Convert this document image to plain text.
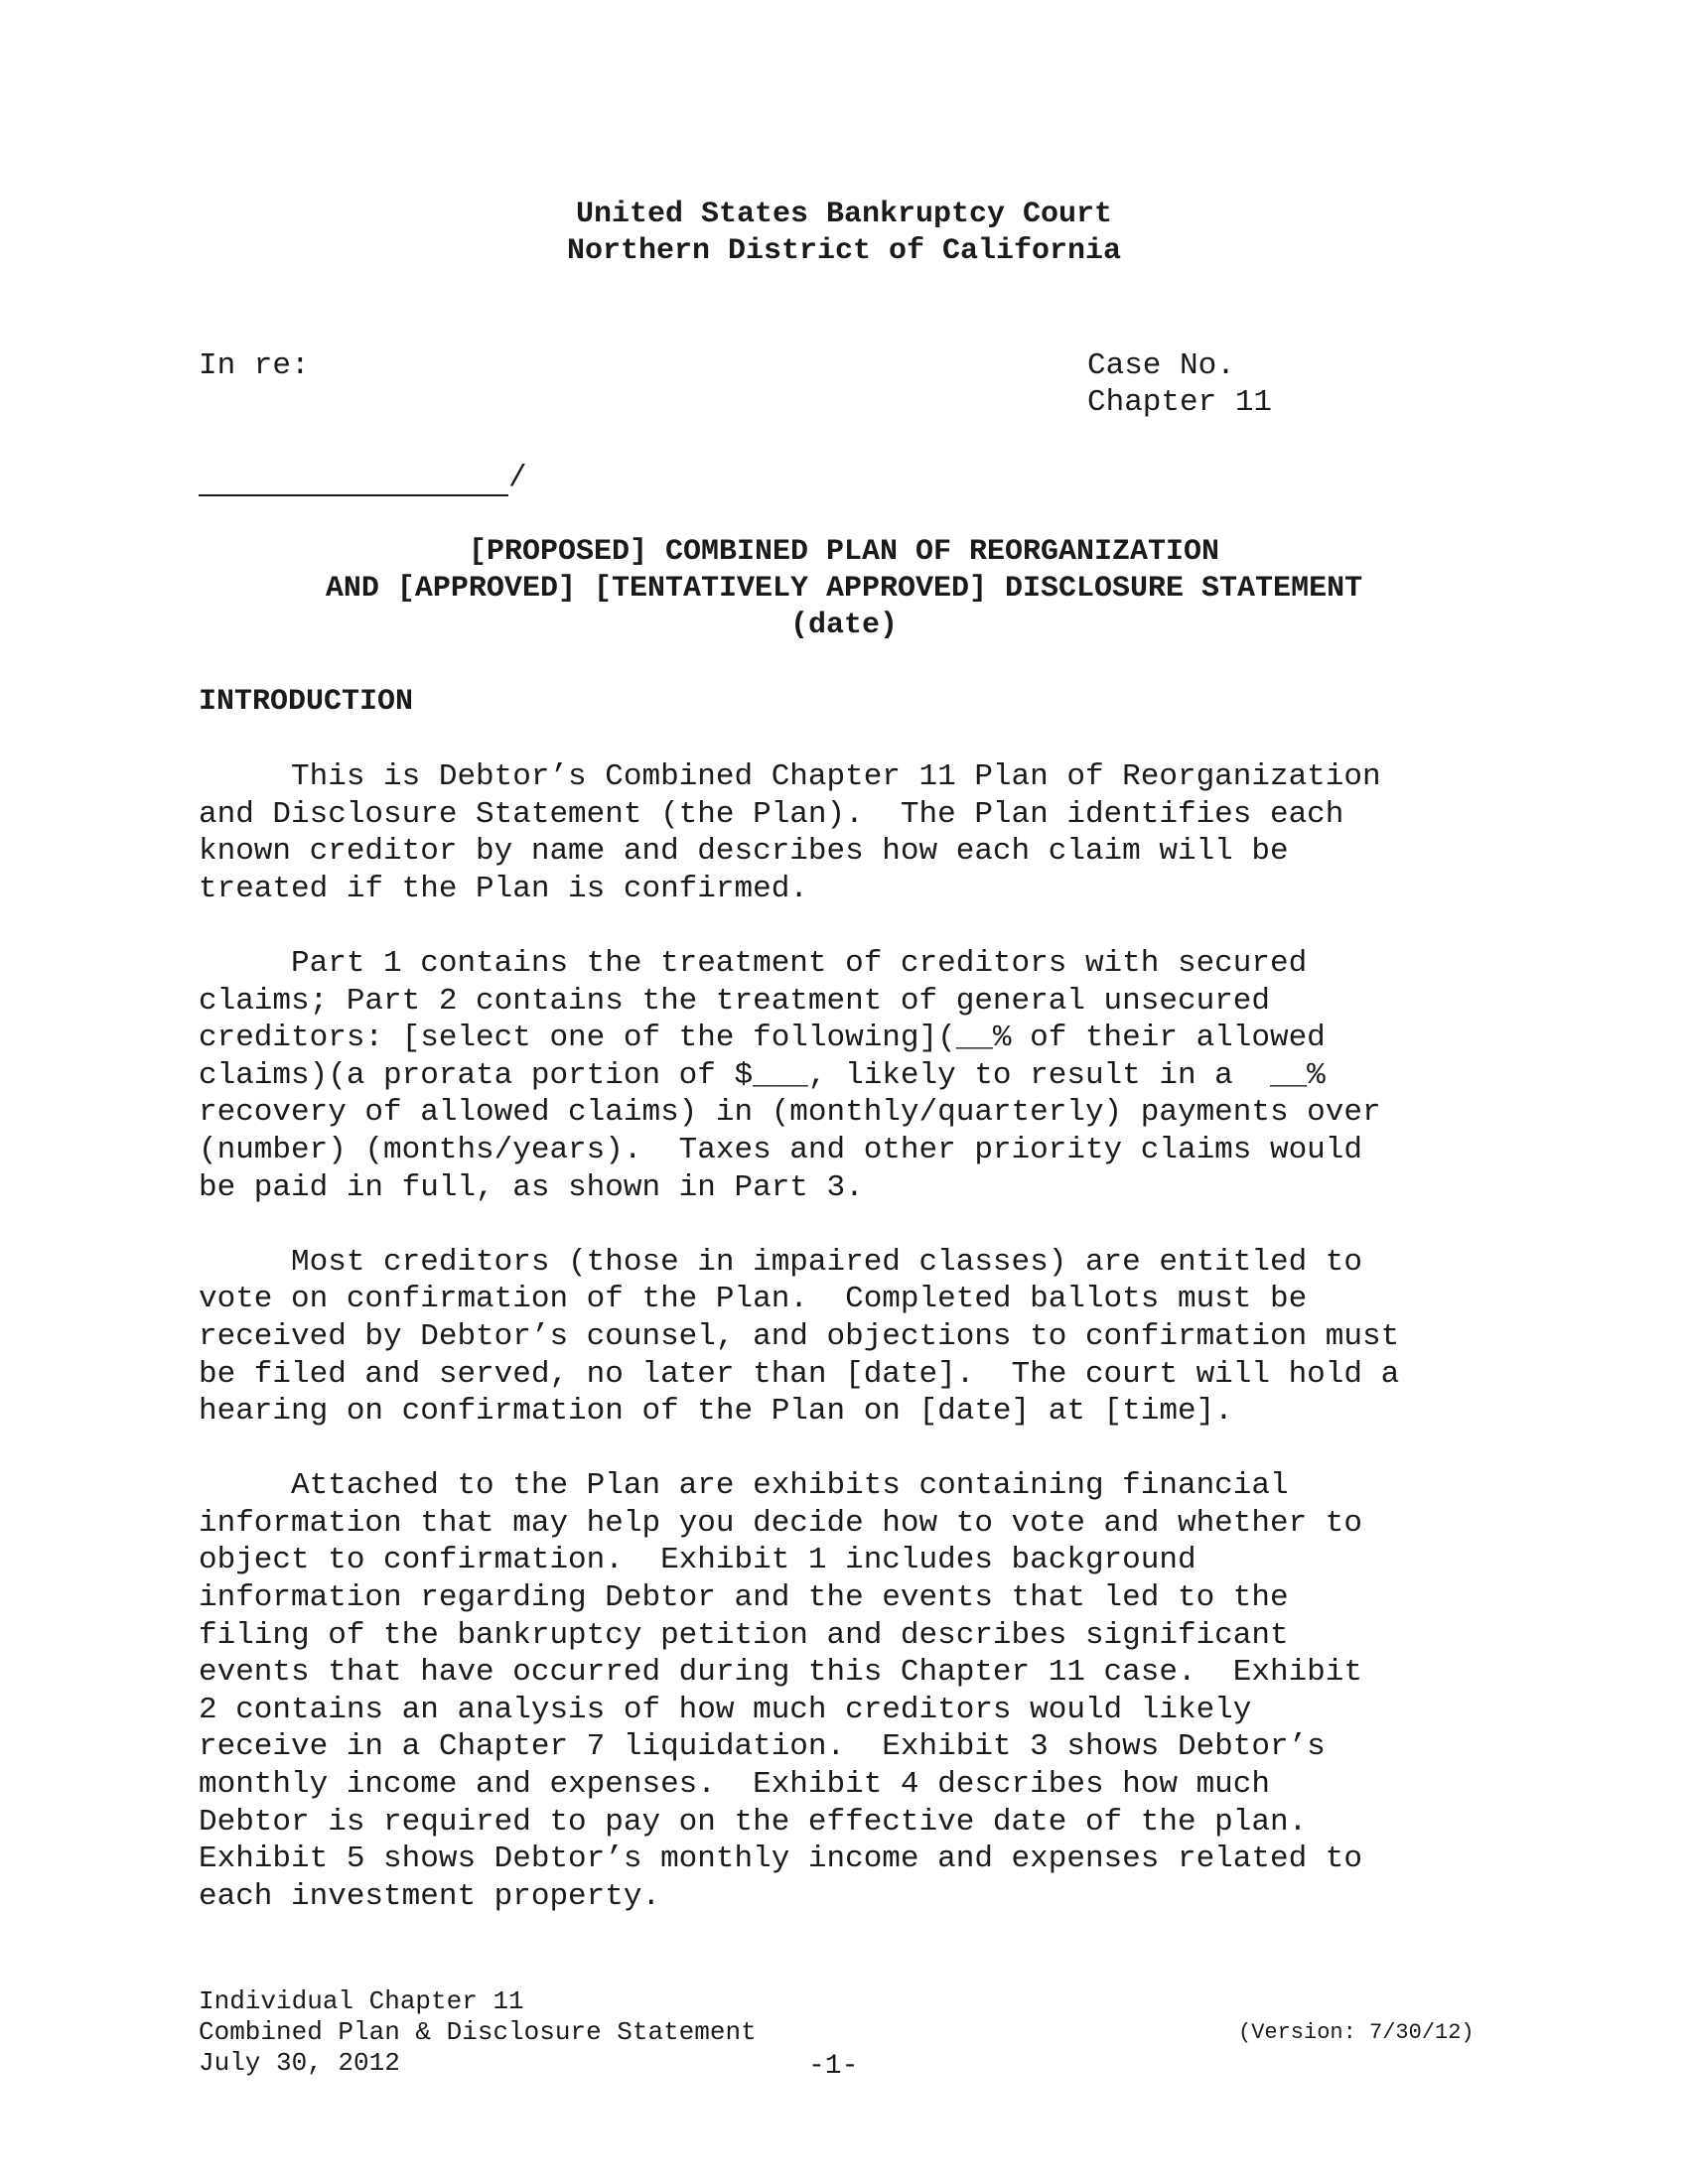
United States Bankruptcy Court
Northern District of California
In re:	Case No.
Chapter 11
/
[PROPOSED] COMBINED PLAN OF REORGANIZATION
AND [APPROVED] [TENTATIVELY APPROVED] DISCLOSURE STATEMENT
(date)
INTRODUCTION
This is Debtor’s Combined Chapter 11 Plan of Reorganization
and Disclosure Statement (the Plan).  The Plan identifies each
known creditor by name and describes how each claim will be
treated if the Plan is confirmed.
Part 1 contains the treatment of creditors with secured
claims; Part 2 contains the treatment of general unsecured
creditors: [select one of the following](__% of their allowed
claims)(a prorata portion of $___, likely to result in a  __%
recovery of allowed claims) in (monthly/quarterly) payments over
(number) (months/years).  Taxes and other priority claims would
be paid in full, as shown in Part 3.
Most creditors (those in impaired classes) are entitled to
vote on confirmation of the Plan.  Completed ballots must be
received by Debtor’s counsel, and objections to confirmation must
be filed and served, no later than [date].  The court will hold a
hearing on confirmation of the Plan on [date] at [time].
Attached to the Plan are exhibits containing financial
information that may help you decide how to vote and whether to
object to confirmation.  Exhibit 1 includes background
information regarding Debtor and the events that led to the
filing of the bankruptcy petition and describes significant
events that have occurred during this Chapter 11 case.  Exhibit
2 contains an analysis of how much creditors would likely
receive in a Chapter 7 liquidation.  Exhibit 3 shows Debtor’s
monthly income and expenses.  Exhibit 4 describes how much
Debtor is required to pay on the effective date of the plan.
Exhibit 5 shows Debtor’s monthly income and expenses related to
each investment property.
Individual Chapter 11
Combined Plan & Disclosure Statement
July 30, 2012
(Version: 7/30/12)
-1-
